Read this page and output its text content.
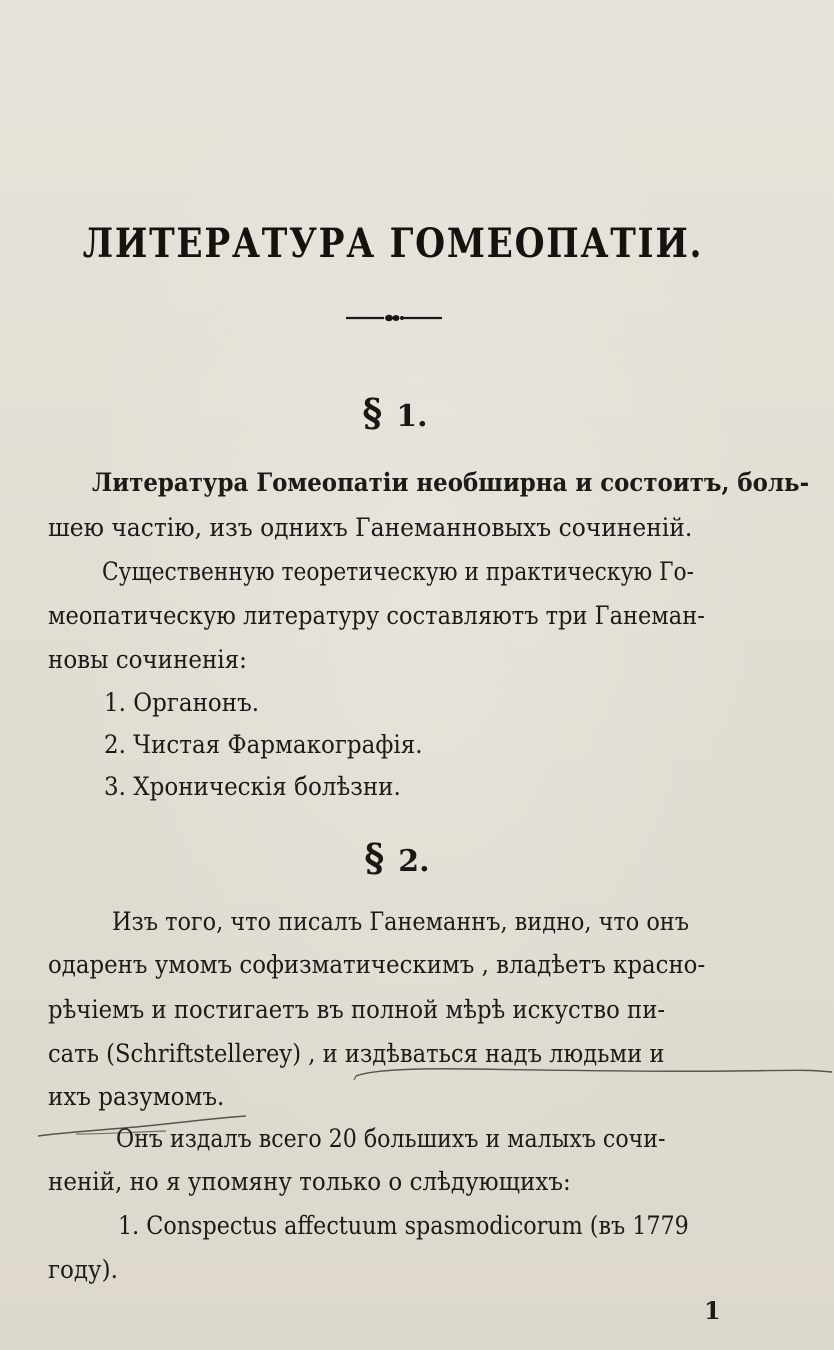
ЛИТЕРАТУРА ГОМЕОПАТІИ.
§ 1.
Литература Гомеопатіи необширна и состоитъ, боль-
шею частію, изъ однихъ Ганеманновыхъ сочиненій.
Существенную теоретическую и практическую Го-
меопатическую литературу составляютъ три Ганеман-
новы сочиненія:
1. Органонъ.
2. Чистая Фармакографія.
3. Хроническія болѣзни.
§ 2.
Изъ того, что писалъ Ганеманнъ, видно, что онъ
одаренъ умомъ софизматическимъ , владѣетъ красно-
рѣчіемъ и постигаетъ въ полной мѣрѣ искуство пи-
сать (Schriftstellerey) , и издѣваться надъ людьми и
ихъ разумомъ.
Онъ издалъ всего 20 большихъ и малыхъ сочи-
неній, но я упомяну только о слѣдующихъ:
1. Conspectus affectuum spasmodicorum (въ 1779
году).
1
